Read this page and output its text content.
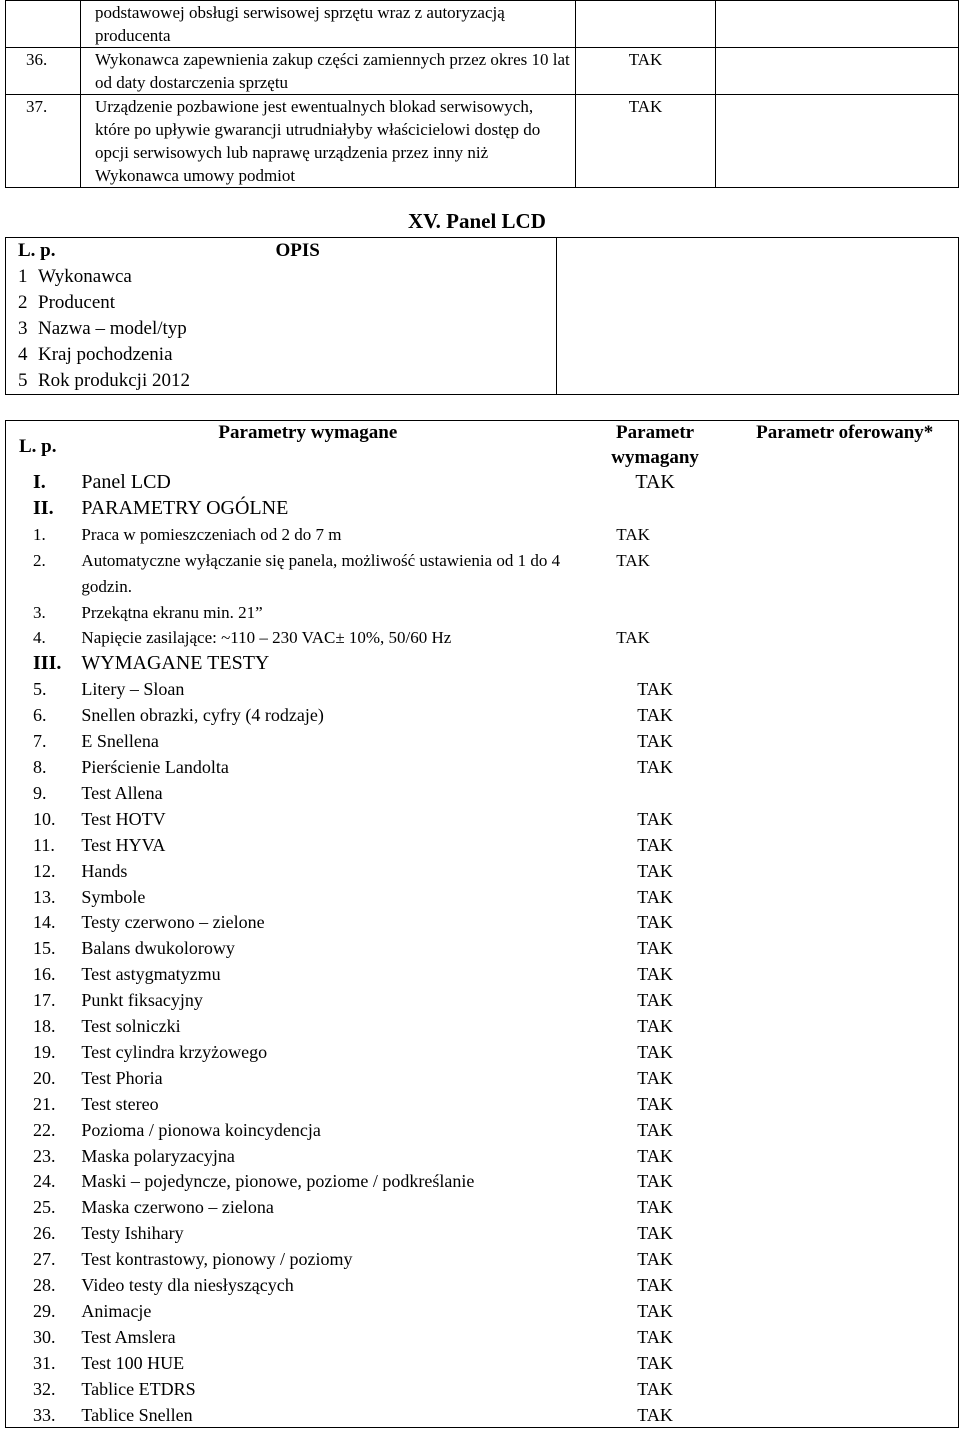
	podstawowej obsługi serwisowej sprzętu wraz z autoryzacją producenta		
36.	Wykonawca zapewnienia zakup części zamiennych przez okres 10 lat od daty dostarczenia sprzętu	TAK	
37.	Urządzenie pozbawione jest ewentualnych blokad serwisowych, które po upływie gwarancji utrudniałyby właścicielowi dostęp do opcji serwisowych lub naprawę urządzenia przez inny niż Wykonawca umowy podmiot	TAK	
XV. Panel LCD
L. p. OPIS	
1 Wykonawca	
2 Producent	
3 Nazwa – model/typ	
4 Kraj pochodzenia	
5 Rok produkcji 2012	
L. p.	Parametry wymagane	Parametr wymagany	Parametr oferowany*
I.	Panel LCD	TAK	
II.	PARAMETRY OGÓLNE		
1.	Praca w pomieszczeniach od 2 do 7 m	TAK	
2.	Automatyczne wyłączanie się panela, możliwość ustawienia od 1 do 4 godzin.	TAK	
3.	Przekątna ekranu min. 21”		
4.	Napięcie zasilające: ~110 – 230 VAC± 10%, 50/60 Hz	TAK	
III.	WYMAGANE TESTY		
5.	Litery – Sloan	TAK	
6.	Snellen obrazki, cyfry (4 rodzaje)	TAK	
7.	E Snellena	TAK	
8.	Pierścienie Landolta	TAK	
9.	Test Allena		
10.	Test HOTV	TAK	
11.	Test HYVA	TAK	
12.	Hands	TAK	
13.	Symbole	TAK	
14.	Testy czerwono – zielone	TAK	
15.	Balans dwukolorowy	TAK	
16.	Test astygmatyzmu	TAK	
17.	Punkt fiksacyjny	TAK	
18.	Test solniczki	TAK	
19.	Test cylindra krzyżowego	TAK	
20.	Test Phoria	TAK	
21.	Test stereo	TAK	
22.	Pozioma / pionowa koincydencja	TAK	
23.	Maska polaryzacyjna	TAK	
24.	Maski – pojedyncze, pionowe, poziome / podkreślanie	TAK	
25.	Maska czerwono – zielona	TAK	
26.	Testy Ishihary	TAK	
27.	Test kontrastowy, pionowy / poziomy	TAK	
28.	Video testy dla niesłyszących	TAK	
29.	Animacje	TAK	
30.	Test Amslera	TAK	
31.	Test 100 HUE	TAK	
32.	Tablice ETDRS	TAK	
33.	Tablice Snellen	TAK	
